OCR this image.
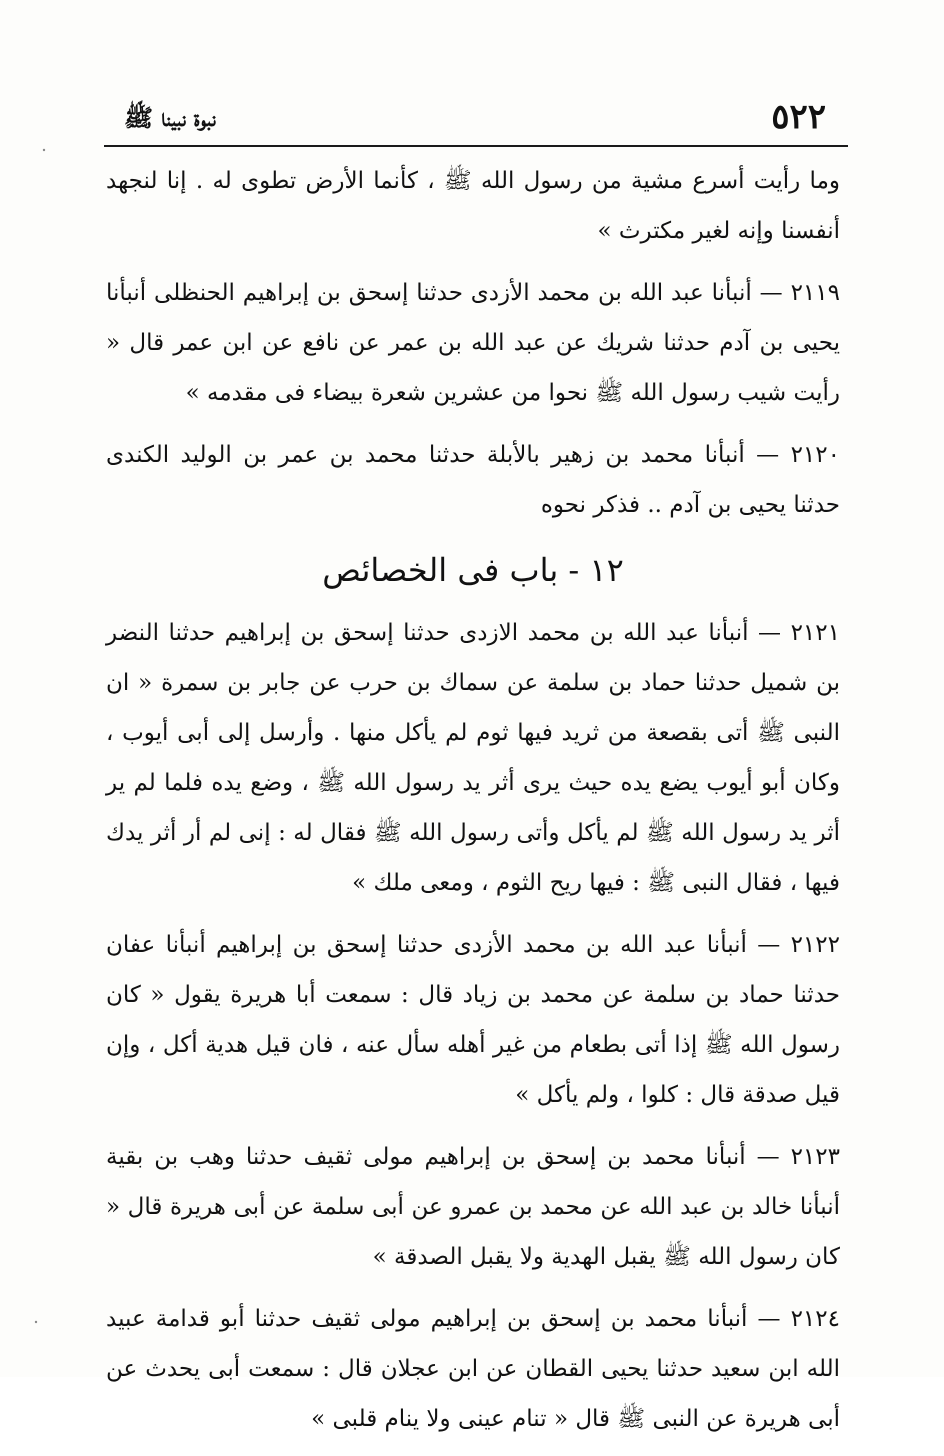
٥٢٢
نبوة نبينا ﷺ

وما رأيت أسرع مشية من رسول الله ﷺ ، كأنما الأرض تطوى له . إنا لنجهد أنفسنا وإنه لغير مكترث »

٢١١٩ — أنبأنا عبد الله بن محمد الأزدى حدثنا إسحق بن إبراهيم الحنظلى أنبأنا يحيى بن آدم حدثنا شريك عن عبد الله بن عمر عن نافع عن ابن عمر قال « رأيت شيب رسول الله ﷺ نحوا من عشرين شعرة بيضاء فى مقدمه »

٢١٢٠ — أنبأنا محمد بن زهير بالأبلة حدثنا محمد بن عمر بن الوليد الكندى حدثنا يحيى بن آدم .. فذكر نحوه

١٢ - باب فى الخصائص

٢١٢١ — أنبأنا عبد الله بن محمد الازدى حدثنا إسحق بن إبراهيم حدثنا النضر بن شميل حدثنا حماد بن سلمة عن سماك بن حرب عن جابر بن سمرة « ان النبى ﷺ أتى بقصعة من ثريد فيها ثوم لم يأكل منها . وأرسل إلى أبى أيوب ، وكان أبو أيوب يضع يده حيث يرى أثر يد رسول الله ﷺ ، وضع يده فلما لم ير أثر يد رسول الله ﷺ لم يأكل وأتى رسول الله ﷺ فقال له : إنى لم أر أثر يدك فيها ، فقال النبى ﷺ : فيها ريح الثوم ، ومعى ملك »

٢١٢٢ — أنبأنا عبد الله بن محمد الأزدى حدثنا إسحق بن إبراهيم أنبأنا عفان حدثنا حماد بن سلمة عن محمد بن زياد قال : سمعت أبا هريرة يقول « كان رسول الله ﷺ إذا أتى بطعام من غير أهله سأل عنه ، فان قيل هدية أكل ، وإن قيل صدقة قال : كلوا ، ولم يأكل »

٢١٢٣ — أنبأنا محمد بن إسحق بن إبراهيم مولى ثقيف حدثنا وهب بن بقية أنبأنا خالد بن عبد الله عن محمد بن عمرو عن أبى سلمة عن أبى هريرة قال « كان رسول الله ﷺ يقبل الهدية ولا يقبل الصدقة »

٢١٢٤ — أنبأنا محمد بن إسحق بن إبراهيم مولى ثقيف حدثنا أبو قدامة عبيد الله ابن سعيد حدثنا يحيى القطان عن ابن عجلان قال : سمعت أبى يحدث عن أبى هريرة عن النبى ﷺ قال « تنام عينى ولا ينام قلبى »
